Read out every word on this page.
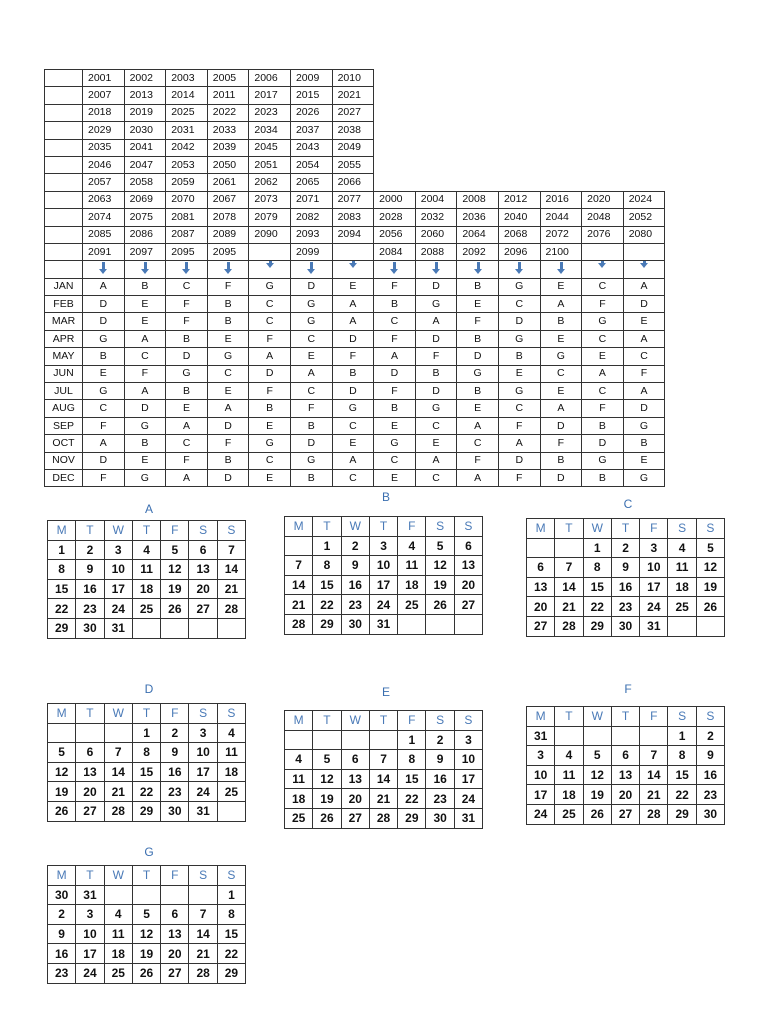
	2001	2002	2003	2005	2006	2009	2010							
	2007	2013	2014	2011	2017	2015	2021							
	2018	2019	2025	2022	2023	2026	2027							
	2029	2030	2031	2033	2034	2037	2038							
	2035	2041	2042	2039	2045	2043	2049							
	2046	2047	2053	2050	2051	2054	2055							
	2057	2058	2059	2061	2062	2065	2066							
	2063	2069	2070	2067	2073	2071	2077	2000	2004	2008	2012	2016	2020	2024
	2074	2075	2081	2078	2079	2082	2083	2028	2032	2036	2040	2044	2048	2052
	2085	2086	2087	2089	2090	2093	2094	2056	2060	2064	2068	2072	2076	2080
	2091	2097	2095	2095		2099		2084	2088	2092	2096	2100		

JAN	A	B	C	F	G	D	E	F	D	B	G	E	C	A
FEB	D	E	F	B	C	G	A	B	G	E	C	A	F	D
MAR	D	E	F	B	C	G	A	C	A	F	D	B	G	E
APR	G	A	B	E	F	C	D	F	D	B	G	E	C	A
MAY	B	C	D	G	A	E	F	A	F	D	B	G	E	C
JUN	E	F	G	C	D	A	B	D	B	G	E	C	A	F
JUL	G	A	B	E	F	C	D	F	D	B	G	E	C	A
AUG	C	D	E	A	B	F	G	B	G	E	C	A	F	D
SEP	F	G	A	D	E	B	C	E	C	A	F	D	B	G
OCT	A	B	C	F	G	D	E	G	E	C	A	F	D	B
NOV	D	E	F	B	C	G	A	C	A	F	D	B	G	E
DEC	F	G	A	D	E	B	C	E	C	A	F	D	B	G
A
M	T	W	T	F	S	S
1	2	3	4	5	6	7
8	9	10	11	12	13	14
15	16	17	18	19	20	21
22	23	24	25	26	27	28
29	30	31				
B
M	T	W	T	F	S	S
	1	2	3	4	5	6
7	8	9	10	11	12	13
14	15	16	17	18	19	20
21	22	23	24	25	26	27
28	29	30	31			
C
M	T	W	T	F	S	S
		1	2	3	4	5
6	7	8	9	10	11	12
13	14	15	16	17	18	19
20	21	22	23	24	25	26
27	28	29	30	31		
D
M	T	W	T	F	S	S
			1	2	3	4
5	6	7	8	9	10	11
12	13	14	15	16	17	18
19	20	21	22	23	24	25
26	27	28	29	30	31	
E
M	T	W	T	F	S	S
				1	2	3
4	5	6	7	8	9	10
11	12	13	14	15	16	17
18	19	20	21	22	23	24
25	26	27	28	29	30	31
F
M	T	W	T	F	S	S
31					1	2
3	4	5	6	7	8	9
10	11	12	13	14	15	16
17	18	19	20	21	22	23
24	25	26	27	28	29	30
G
M	T	W	T	F	S	S
30	31					1
2	3	4	5	6	7	8
9	10	11	12	13	14	15
16	17	18	19	20	21	22
23	24	25	26	27	28	29
